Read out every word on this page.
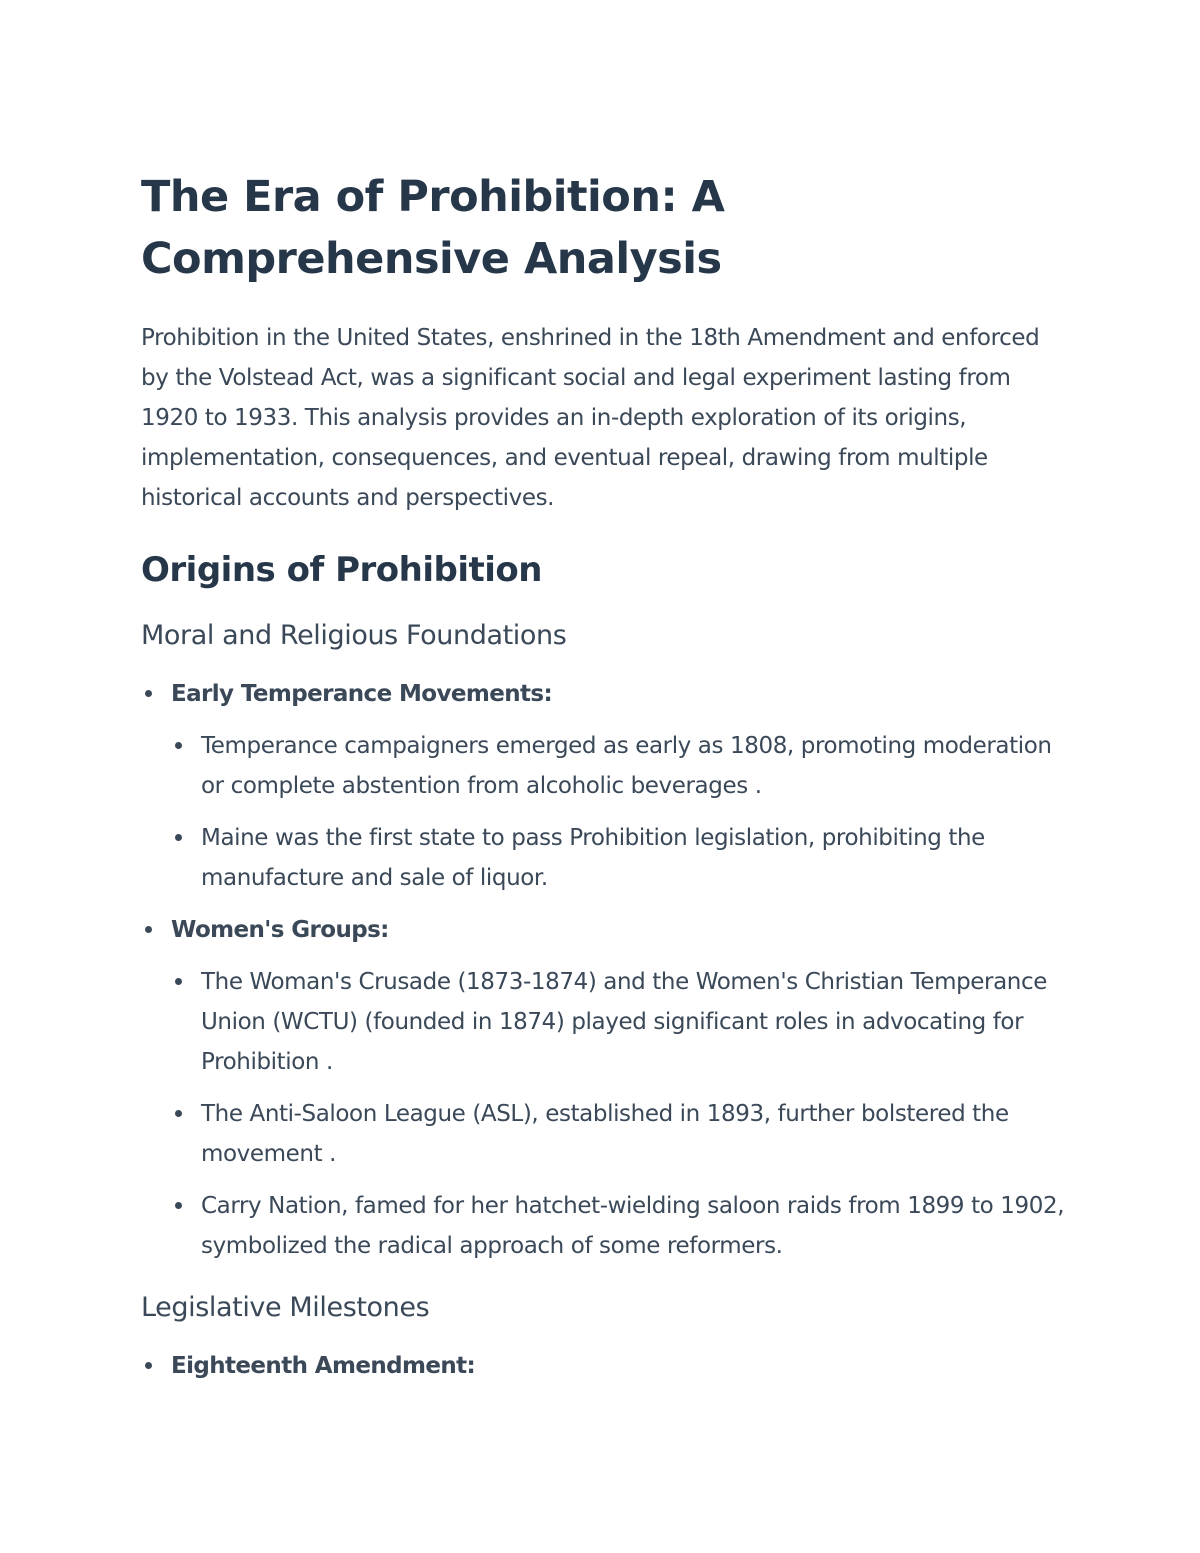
The Era of Prohibition: A Comprehensive Analysis

Prohibition in the United States, enshrined in the 18th Amendment and enforced by the Volstead Act, was a significant social and legal experiment lasting from 1920 to 1933. This analysis provides an in-depth exploration of its origins, implementation, consequences, and eventual repeal, drawing from multiple historical accounts and perspectives.

Origins of Prohibition
Moral and Religious Foundations
Early Temperance Movements:
Temperance campaigners emerged as early as 1808, promoting moderation or complete abstention from alcoholic beverages .
Maine was the first state to pass Prohibition legislation, prohibiting the manufacture and sale of liquor.
Women's Groups:
The Woman's Crusade (1873-1874) and the Women's Christian Temperance Union (WCTU) (founded in 1874) played significant roles in advocating for Prohibition .
The Anti-Saloon League (ASL), established in 1893, further bolstered the movement .
Carry Nation, famed for her hatchet-wielding saloon raids from 1899 to 1902, symbolized the radical approach of some reformers.
Legislative Milestones
Eighteenth Amendment:
